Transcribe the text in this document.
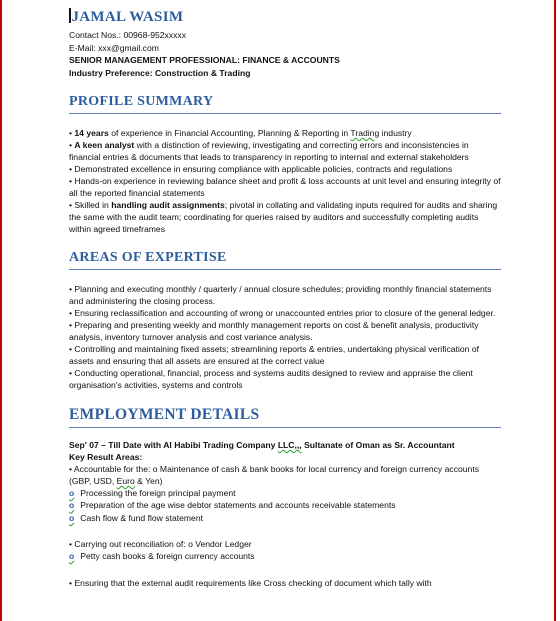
JAMAL WASIM

Contact Nos.: 00968-952xxxxx

E-Mail: xxx@gmail.com

SENIOR MANAGEMENT PROFESSIONAL: FINANCE & ACCOUNTS

Industry Preference: Construction & Trading

PROFILE SUMMARY

• 14 years of experience in Financial Accounting, Planning & Reporting in Trading industry

• A keen analyst with a distinction of reviewing, investigating and correcting errors and inconsistencies in financial entries & documents that leads to transparency in reporting to internal and external stakeholders

• Demonstrated excellence in ensuring compliance with applicable policies, contracts and regulations

• Hands-on experience in reviewing balance sheet and profit & loss accounts at unit level and ensuring integrity of all the reported financial statements

• Skilled in handling audit assignments; pivotal in collating and validating inputs required for audits and sharing the same with the audit team; coordinating for queries raised by auditors and successfully completing audits within agreed timeframes

AREAS OF EXPERTISE

• Planning and executing monthly / quarterly / annual closure schedules; providing monthly financial statements and administering the closing process.

• Ensuring reclassification and accounting of wrong or unaccounted entries prior to closure of the general ledger.

• Preparing and presenting weekly and monthly management reports on cost & benefit analysis, productivity analysis, inventory turnover analysis and cost variance analysis.

• Controlling and maintaining fixed assets; streamlining reports & entries, undertaking physical verification of assets and ensuring that all assets are ensured at the correct value

• Conducting operational, financial, process and systems audits designed to review and appraise the client organisation's activities, systems and controls

EMPLOYMENT DETAILS

Sep' 07 – Till Date with Al Habibi Trading Company LLC,,, Sultanate of Oman as Sr. Accountant

Key Result Areas:

• Accountable for the: o Maintenance of cash & bank books for local currency and foreign currency accounts (GBP, USD, Euro & Yen)

o Processing the foreign principal payment

o Preparation of the age wise debtor statements and accounts receivable statements

o Cash flow & fund flow statement

• Carrying out reconciliation of: o Vendor Ledger

o Petty cash books & foreign currency accounts

• Ensuring that the external audit requirements like Cross checking of document which tally with
